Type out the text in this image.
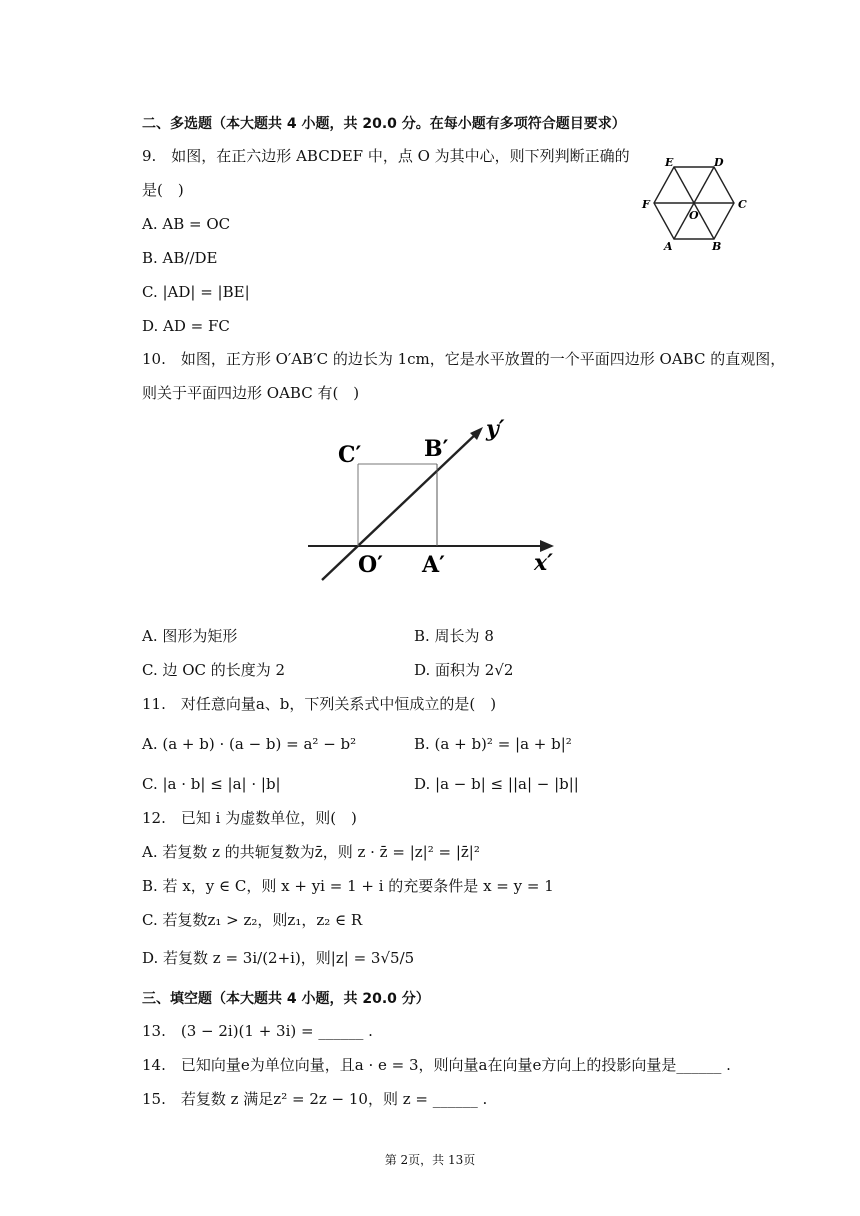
二、多选题（本大题共 4 小题，共 20.0 分。在每小题有多项符合题目要求）
9.　如图，在正六边形 ABCDEF 中，点 O 为其中心，则下列判断正确的
是(　)
A. AB = OC
B. AB//DE
C. |AD| = |BE|
D. AD = FC
E	D
F
O
C
A	B
10.　如图，正方形 O′AB′C 的边长为 1cm，它是水平放置的一个平面四边形 OABC 的直观图，
则关于平面四边形 OABC 有(　)
C′	B′
y′
O′ A′	x′
A. 图形为矩形	B. 周长为 8
C. 边 OC 的长度为 2	D. 面积为 2√2
11.　对任意向量a、b，下列关系式中恒成立的是(　)
A. (a + b) · (a − b) = a² − b²	B. (a + b)² = |a + b|²
C. |a · b| ≤ |a| · |b|	D. |a − b| ≤ ||a| − |b||
12.　已知 i 为虚数单位，则(　)
A. 若复数 z 的共轭复数为z̄，则 z · z̄ = |z|² = |z̄|²
B. 若 x，y ∈ C，则 x + yi = 1 + i 的充要条件是 x = y = 1
C. 若复数z₁ > z₂，则z₁，z₂ ∈ R
D. 若复数 z = 3i/(2+i)，则|z| = 3√5/5
三、填空题（本大题共 4 小题，共 20.0 分）
13.　(3 − 2i)(1 + 3i) = ______ .
14.　已知向量e为单位向量，且a · e = 3，则向量a在向量e方向上的投影向量是______ .
15.　若复数 z 满足z² = 2z − 10，则 z = ______ .
第 2页，共 13页
